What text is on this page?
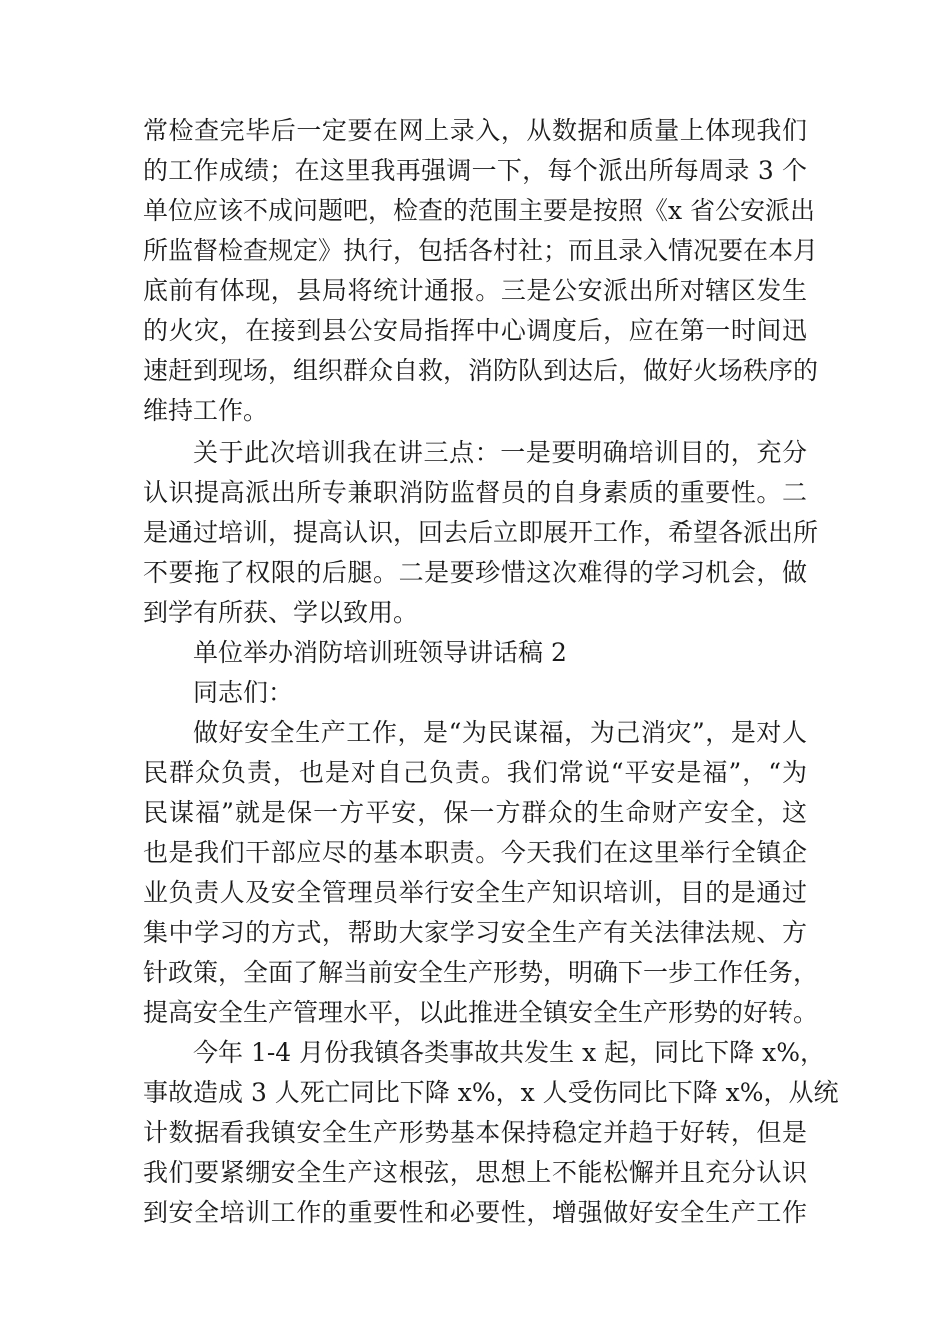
常检查完毕后一定要在网上录入，从数据和质量上体现我们
的工作成绩；在这里我再强调一下，每个派出所每周录 3 个
单位应该不成问题吧，检查的范围主要是按照《x 省公安派出
所监督检查规定》执行，包括各村社；而且录入情况要在本月
底前有体现，县局将统计通报。三是公安派出所对辖区发生
的火灾，在接到县公安局指挥中心调度后，应在第一时间迅
速赶到现场，组织群众自救，消防队到达后，做好火场秩序的
维持工作。
关于此次培训我在讲三点：一是要明确培训目的，充分
认识提高派出所专兼职消防监督员的自身素质的重要性。二
是通过培训，提高认识，回去后立即展开工作，希望各派出所
不要拖了权限的后腿。二是要珍惜这次难得的学习机会，做
到学有所获、学以致用。
单位举办消防培训班领导讲话稿 2
同志们：
做好安全生产工作，是“为民谋福，为己消灾”，是对人
民群众负责，也是对自己负责。我们常说“平安是福”，“为
民谋福”就是保一方平安，保一方群众的生命财产安全，这
也是我们干部应尽的基本职责。今天我们在这里举行全镇企
业负责人及安全管理员举行安全生产知识培训，目的是通过
集中学习的方式，帮助大家学习安全生产有关法律法规、方
针政策，全面了解当前安全生产形势，明确下一步工作任务，
提高安全生产管理水平，以此推进全镇安全生产形势的好转。
今年 1-4 月份我镇各类事故共发生 x 起，同比下降 x%，
事故造成 3 人死亡同比下降 x%，x 人受伤同比下降 x%，从统
计数据看我镇安全生产形势基本保持稳定并趋于好转，但是
我们要紧绷安全生产这根弦，思想上不能松懈并且充分认识
到安全培训工作的重要性和必要性，增强做好安全生产工作
